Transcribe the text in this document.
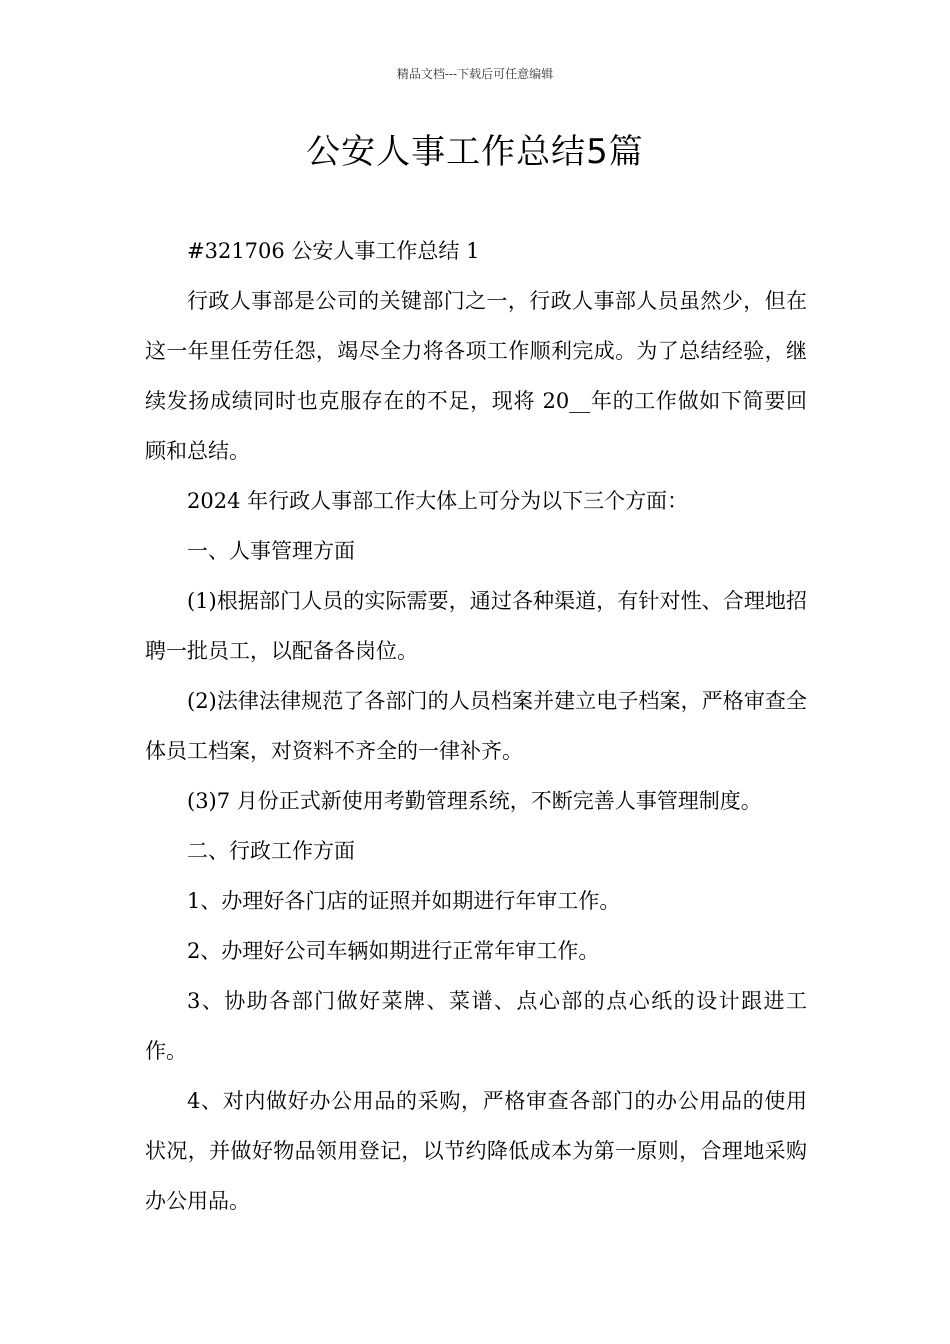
精品文档---下载后可任意编辑
公安人事工作总结5篇

#321706 公安人事工作总结 1

行政人事部是公司的关键部门之一，行政人事部人员虽然少，但在这一年里任劳任怨，竭尽全力将各项工作顺利完成。为了总结经验，继续发扬成绩同时也克服存在的不足，现将 20__年的工作做如下简要回顾和总结。

2024 年行政人事部工作大体上可分为以下三个方面：

一、人事管理方面

(1)根据部门人员的实际需要，通过各种渠道，有针对性、合理地招聘一批员工，以配备各岗位。

(2)法律法律规范了各部门的人员档案并建立电子档案，严格审查全体员工档案，对资料不齐全的一律补齐。

(3)7 月份正式新使用考勤管理系统，不断完善人事管理制度。

二、行政工作方面

1、办理好各门店的证照并如期进行年审工作。

2、办理好公司车辆如期进行正常年审工作。

3、协助各部门做好菜牌、菜谱、点心部的点心纸的设计跟进工作。

4、对内做好办公用品的采购，严格审查各部门的办公用品的使用状况，并做好物品领用登记，以节约降低成本为第一原则，合理地采购办公用品。
